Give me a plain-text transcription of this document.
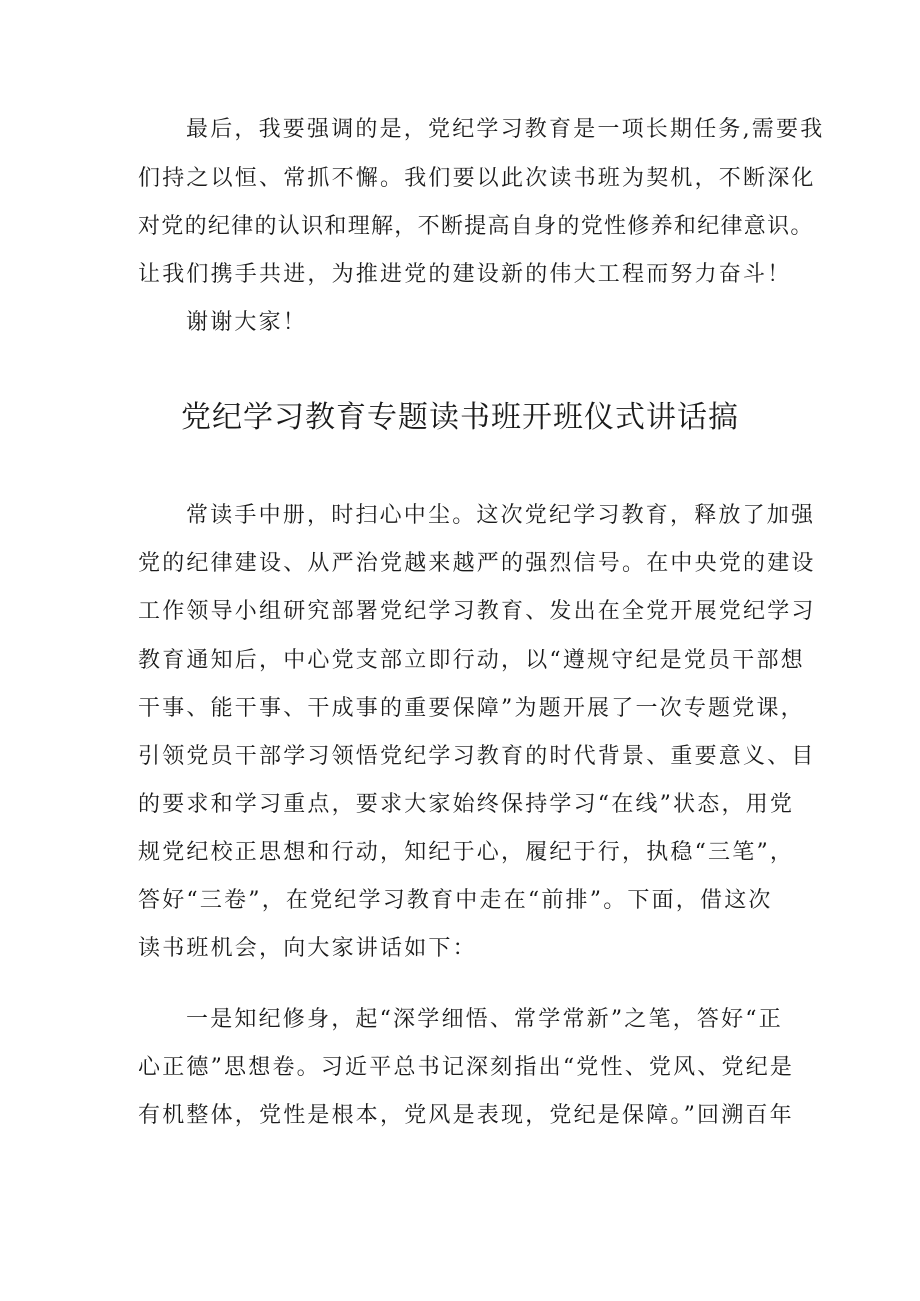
最后，我要强调的是，党纪学习教育是一项长期任务,需要我
们持之以恒、常抓不懈。我们要以此次读书班为契机，不断深化
对党的纪律的认识和理解，不断提高自身的党性修养和纪律意识。
让我们携手共进，为推进党的建设新的伟大工程而努力奋斗！
谢谢大家！
党纪学习教育专题读书班开班仪式讲话搞
常读手中册，时扫心中尘。这次党纪学习教育，释放了加强
党的纪律建设、从严治党越来越严的强烈信号。在中央党的建设
工作领导小组研究部署党纪学习教育、发出在全党开展党纪学习
教育通知后，中心党支部立即行动，以“遵规守纪是党员干部想
干事、能干事、干成事的重要保障”为题开展了一次专题党课，
引领党员干部学习领悟党纪学习教育的时代背景、重要意义、目
的要求和学习重点，要求大家始终保持学习“在线”状态，用党
规党纪校正思想和行动，知纪于心，履纪于行，执稳“三笔”，
答好“三卷”，在党纪学习教育中走在“前排”。下面，借这次
读书班机会，向大家讲话如下：
一是知纪修身，起“深学细悟、常学常新”之笔，答好“正
心正德”思想卷。习近平总书记深刻指出“党性、党风、党纪是
有机整体，党性是根本，党风是表现，党纪是保障。”回溯百年
